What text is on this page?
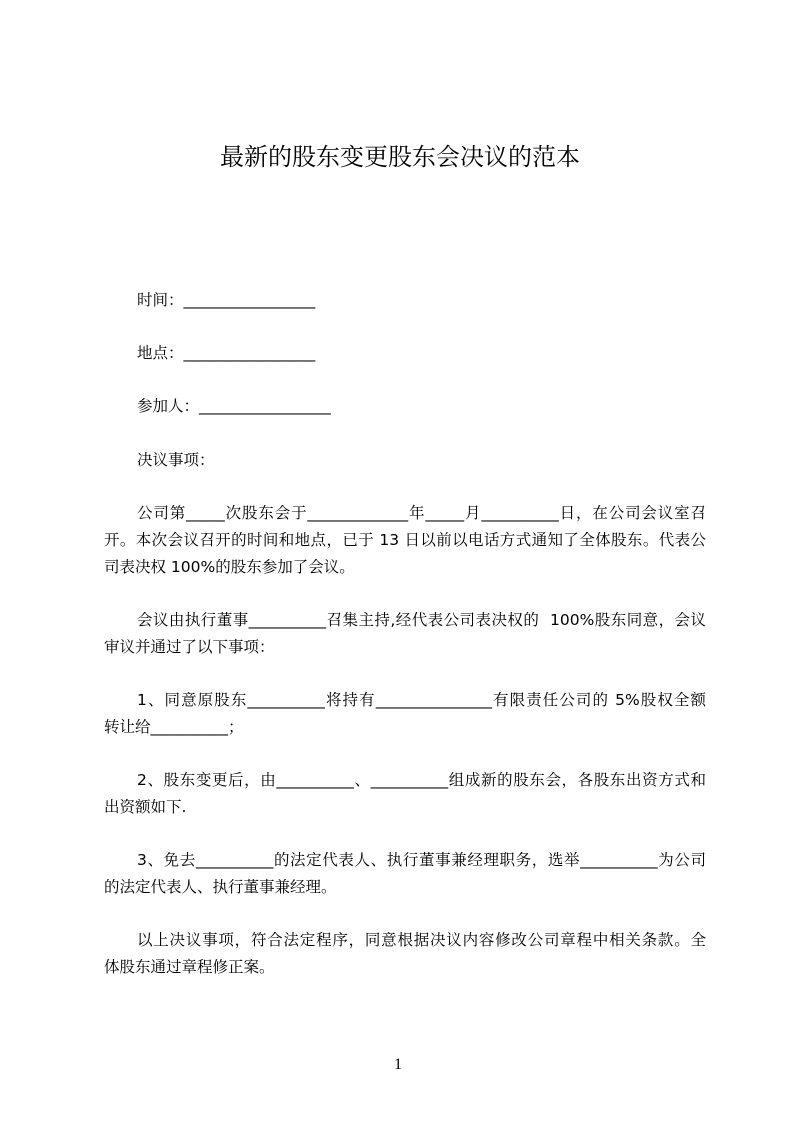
最新的股东变更股东会决议的范本
时间：_________________
地点：_________________
参加人：_________________
决议事项：
公司第_____次股东会于_____________年_____月__________日，在公司会议室召
开。本次会议召开的时间和地点，已于 13 日以前以电话方式通知了全体股东。代表公
司表决权 100%的股东参加了会议。
会议由执行董事__________召集主持,经代表公司表决权的  100%股东同意，会议
审议并通过了以下事项：
1、同意原股东__________将持有_______________有限责任公司的 5%股权全额
转让给__________；
2、股东变更后，由__________、__________组成新的股东会，各股东出资方式和
出资额如下.
3、免去__________的法定代表人、执行董事兼经理职务，选举__________为公司
的法定代表人、执行董事兼经理。
以上决议事项，符合法定程序，同意根据决议内容修改公司章程中相关条款。全
体股东通过章程修正案。
1
